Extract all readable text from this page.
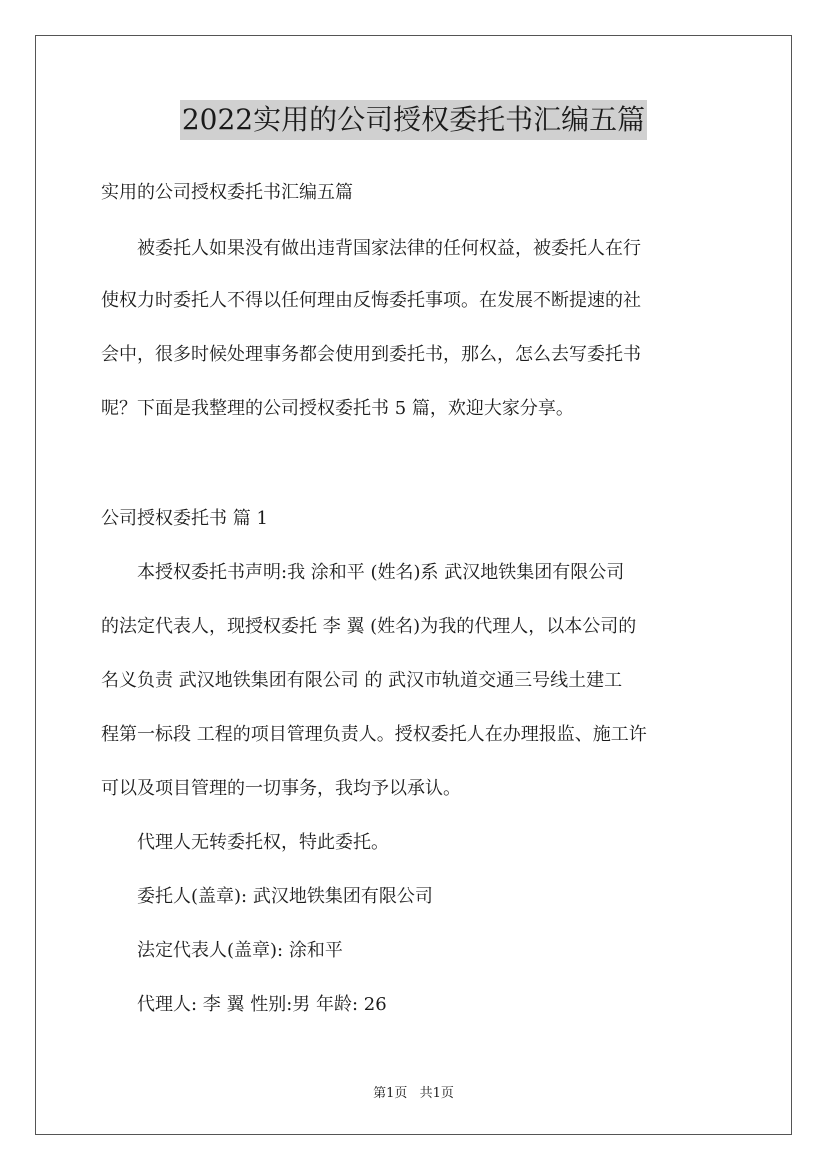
2022实用的公司授权委托书汇编五篇
实用的公司授权委托书汇编五篇
　　被委托人如果没有做出违背国家法律的任何权益，被委托人在行
使权力时委托人不得以任何理由反悔委托事项。在发展不断提速的社
会中，很多时候处理事务都会使用到委托书，那么，怎么去写委托书
呢？下面是我整理的公司授权委托书 5 篇，欢迎大家分享。
公司授权委托书 篇 1
　　本授权委托书声明:我 涂和平 (姓名)系 武汉地铁集团有限公司
的法定代表人，现授权委托 李 翼 (姓名)为我的代理人，以本公司的
名义负责 武汉地铁集团有限公司 的 武汉市轨道交通三号线土建工
程第一标段 工程的项目管理负责人。授权委托人在办理报监、施工许
可以及项目管理的一切事务，我均予以承认。
　　代理人无转委托权，特此委托。
　　委托人(盖章): 武汉地铁集团有限公司
　　法定代表人(盖章): 涂和平
　　代理人: 李 翼 性别:男 年龄: 26
第1页 共1页
